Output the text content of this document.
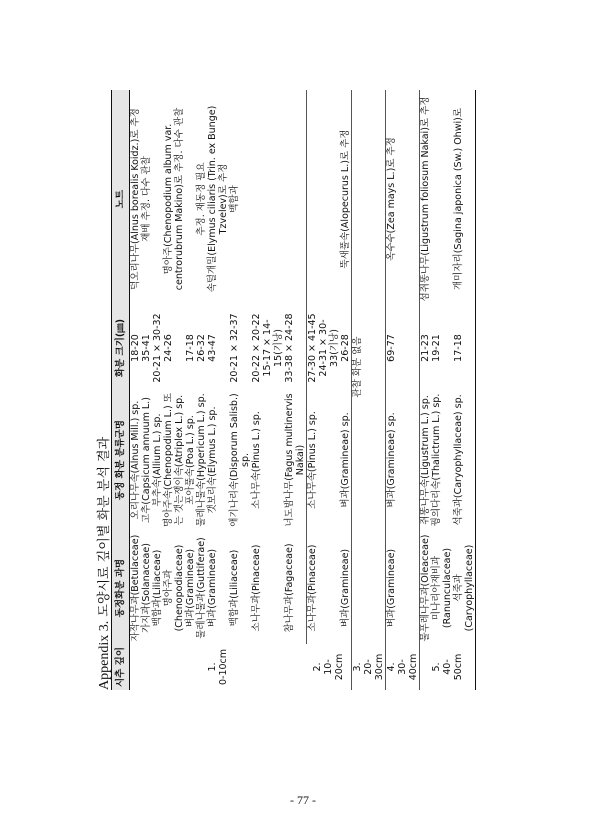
Appendix 3. 도양시료 깊이별 화분 분석 결과
시추 깊이	동정화분 과명	동정 화분 분류군명	화분 크기(㎛)	노트

1. 0-10cm	자작나무과(Betulaceae)	오리나무속(Alnus Mill.) sp.	18-20	덕오리나무(Alnus borealis Koidz.)로 추정
	가지과(Solanaceae)	고추(Capsicum annuum L.)	35-41	재배 추정. 다수 관찰
	백합과(Liliaceae)	부추속(Allium L.) sp.	20-21 × 30-32	
	명아주과(Chenopodiaceae)	명아주속(Chenopodium L.) 또는 갯는쟁이속(Atriplex L.) sp.	24-26	명아주(Chenopodium album var. centrorubrum Makino)로 추정. 다수 관찰
	벼과(Gramineae)	포아풀속(Poa L.) sp.	17-18	
	물레나물과(Guttiferae)	물레나물속(Hypericum L.) sp.	26-32	추정. 재동정 필요
	벼과(Gramineae)	갯보리속(Elymus L.) sp.	43-47	속털개밀(Elymus ciliaris (Trin. ex Bunge) Tzvelev)로 추정
	백합과(Liliaceae)	애기나리속(Disporum Salisb.) sp.	20-21 × 32-37	백합과
	소나무과(Pinaceae)	소나무속(Pinus L.) sp.	20-22 × 20-22 15-17 × 14-15(기낭)	
	참나무과(Fagaceae)	너도밤나무(Fagus multinervis Nakai)	33-38 × 24-28	

2. 10-20cm	소나무과(Pinaceae)	소나무속(Pinus L.) sp.	27-30 × 41-45 24-31 × 30-33(기낭)	
	벼과(Gramineae)	벼과(Gramineae) sp.	26-28	뚝새풀속(Alopecurus L.)로 추정

3. 20-30cm	관찰 화분 없음			

4. 30-40cm	벼과(Gramineae)	벼과(Gramineae) sp.	69-77	옥수수(Zea mays L.)로 추정

5. 40-50cm	물푸레나무과(Oleaceae)	쥐똥나무속(Ligustrum L.) sp.	21-23	섬쥐똥나무(Ligustrum foliosum Nakai)로 추정
	미나리아재비과(Ranunculaceae)	꿩의다리속(Thalictrum L.) sp.	19-21	
	석죽과(Caryophyllaceae)	석죽과(Caryophyllaceae) sp.	17-18	개미자리(Sagina japonica (Sw.) Ohwi)로
- 77 -
